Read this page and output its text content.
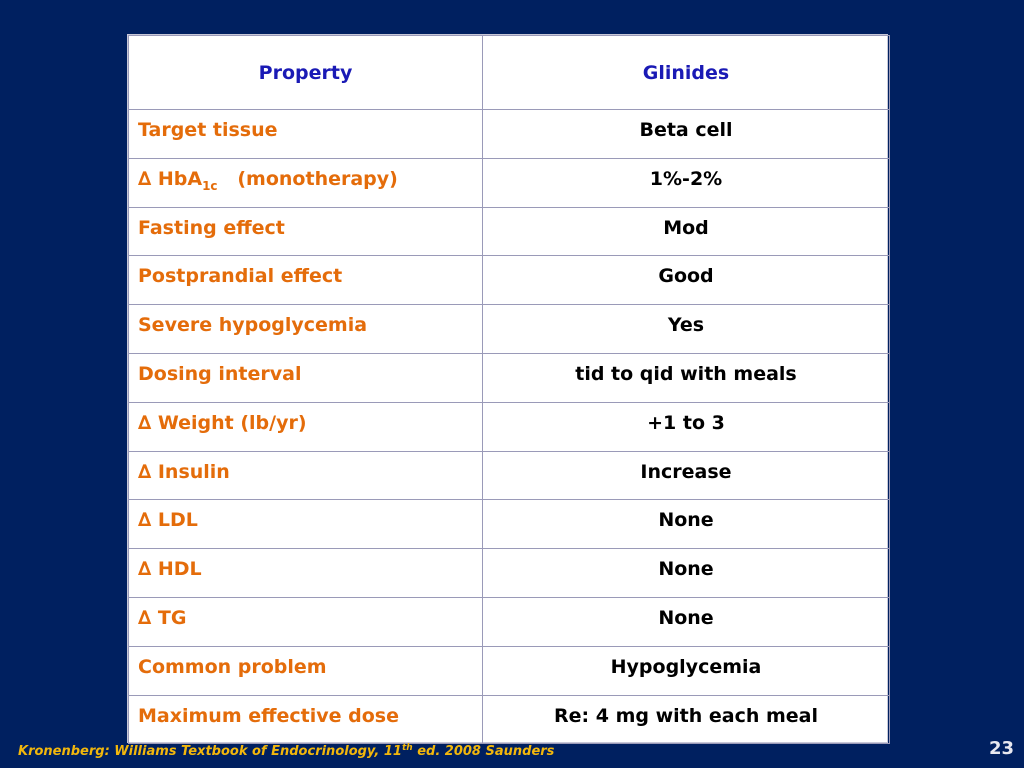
Property	Glinides
Target tissue	Beta cell
∆ HbA$_{1c}$   (monotherapy)	1%-2%
Fasting effect	Mod
Postprandial effect	Good
Severe hypoglycemia	Yes
Dosing interval	tid to qid with meals
∆ Weight (lb/yr)	+1 to 3
∆ Insulin	Increase
∆ LDL	None
∆ HDL	None
∆ TG	None
Common problem	Hypoglycemia
Maximum effective dose	Re: 4 mg with each meal
Kronenberg: Williams Textbook of Endocrinology, 11th ed. 2008 Saunders	23
